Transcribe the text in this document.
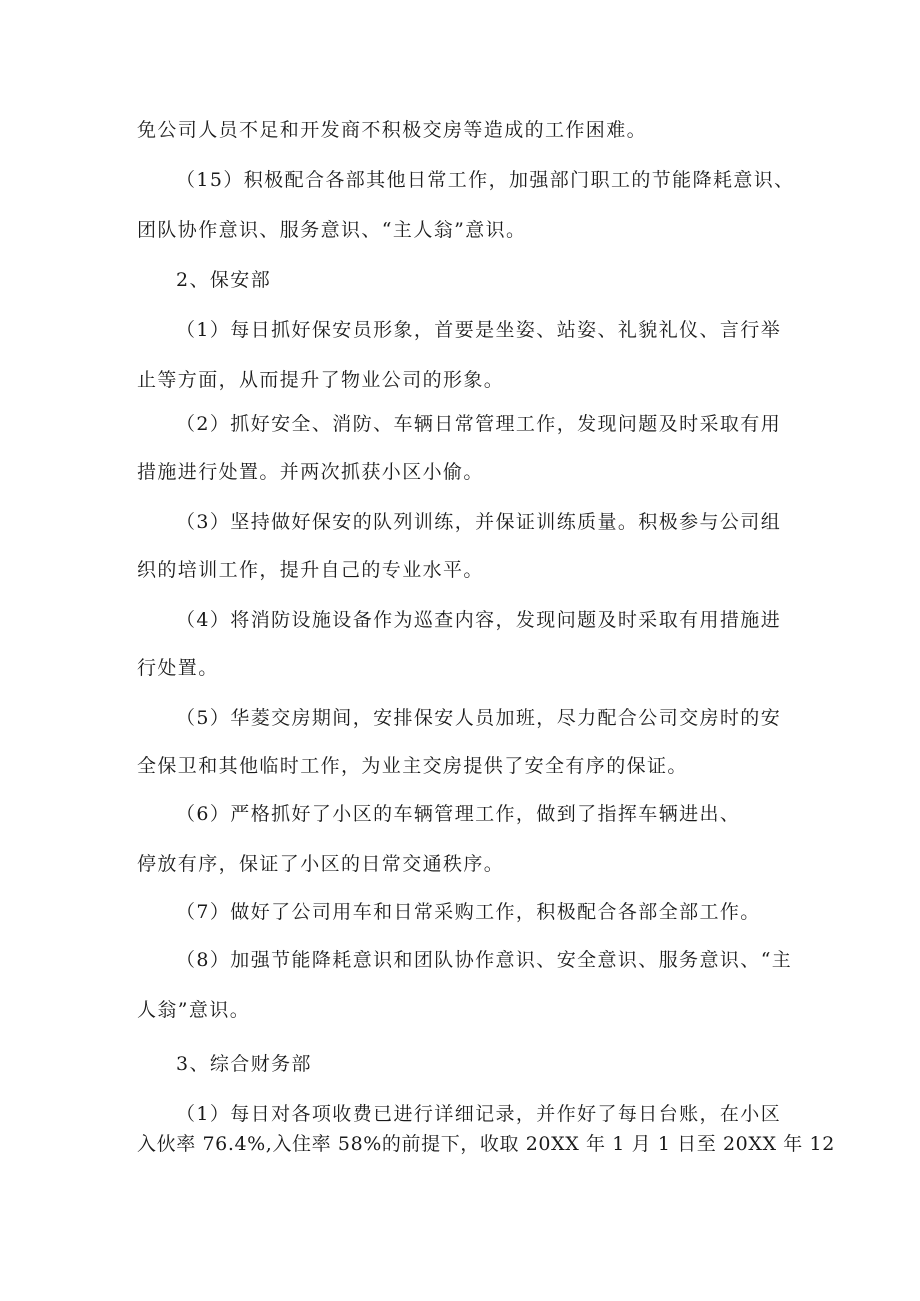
免公司人员不足和开发商不积极交房等造成的工作困难。

（15）积极配合各部其他日常工作，加强部门职工的节能降耗意识、

团队协作意识、服务意识、“主人翁”意识。

2、保安部

（1）每日抓好保安员形象，首要是坐姿、站姿、礼貌礼仪、言行举

止等方面，从而提升了物业公司的形象。

（2）抓好安全、消防、车辆日常管理工作，发现问题及时采取有用

措施进行处置。并两次抓获小区小偷。

（3）坚持做好保安的队列训练，并保证训练质量。积极参与公司组

织的培训工作，提升自己的专业水平。

（4）将消防设施设备作为巡查内容，发现问题及时采取有用措施进

行处置。

（5）华菱交房期间，安排保安人员加班，尽力配合公司交房时的安

全保卫和其他临时工作，为业主交房提供了安全有序的保证。

（6）严格抓好了小区的车辆管理工作，做到了指挥车辆进出、

停放有序，保证了小区的日常交通秩序。

（7）做好了公司用车和日常采购工作，积极配合各部全部工作。

（8）加强节能降耗意识和团队协作意识、安全意识、服务意识、“主

人翁”意识。

3、综合财务部

（1）每日对各项收费已进行详细记录，并作好了每日台账，在小区

入伙率 76.4%,入住率 58%的前提下，收取 20XX 年 1 月 1 日至 20XX 年 12
